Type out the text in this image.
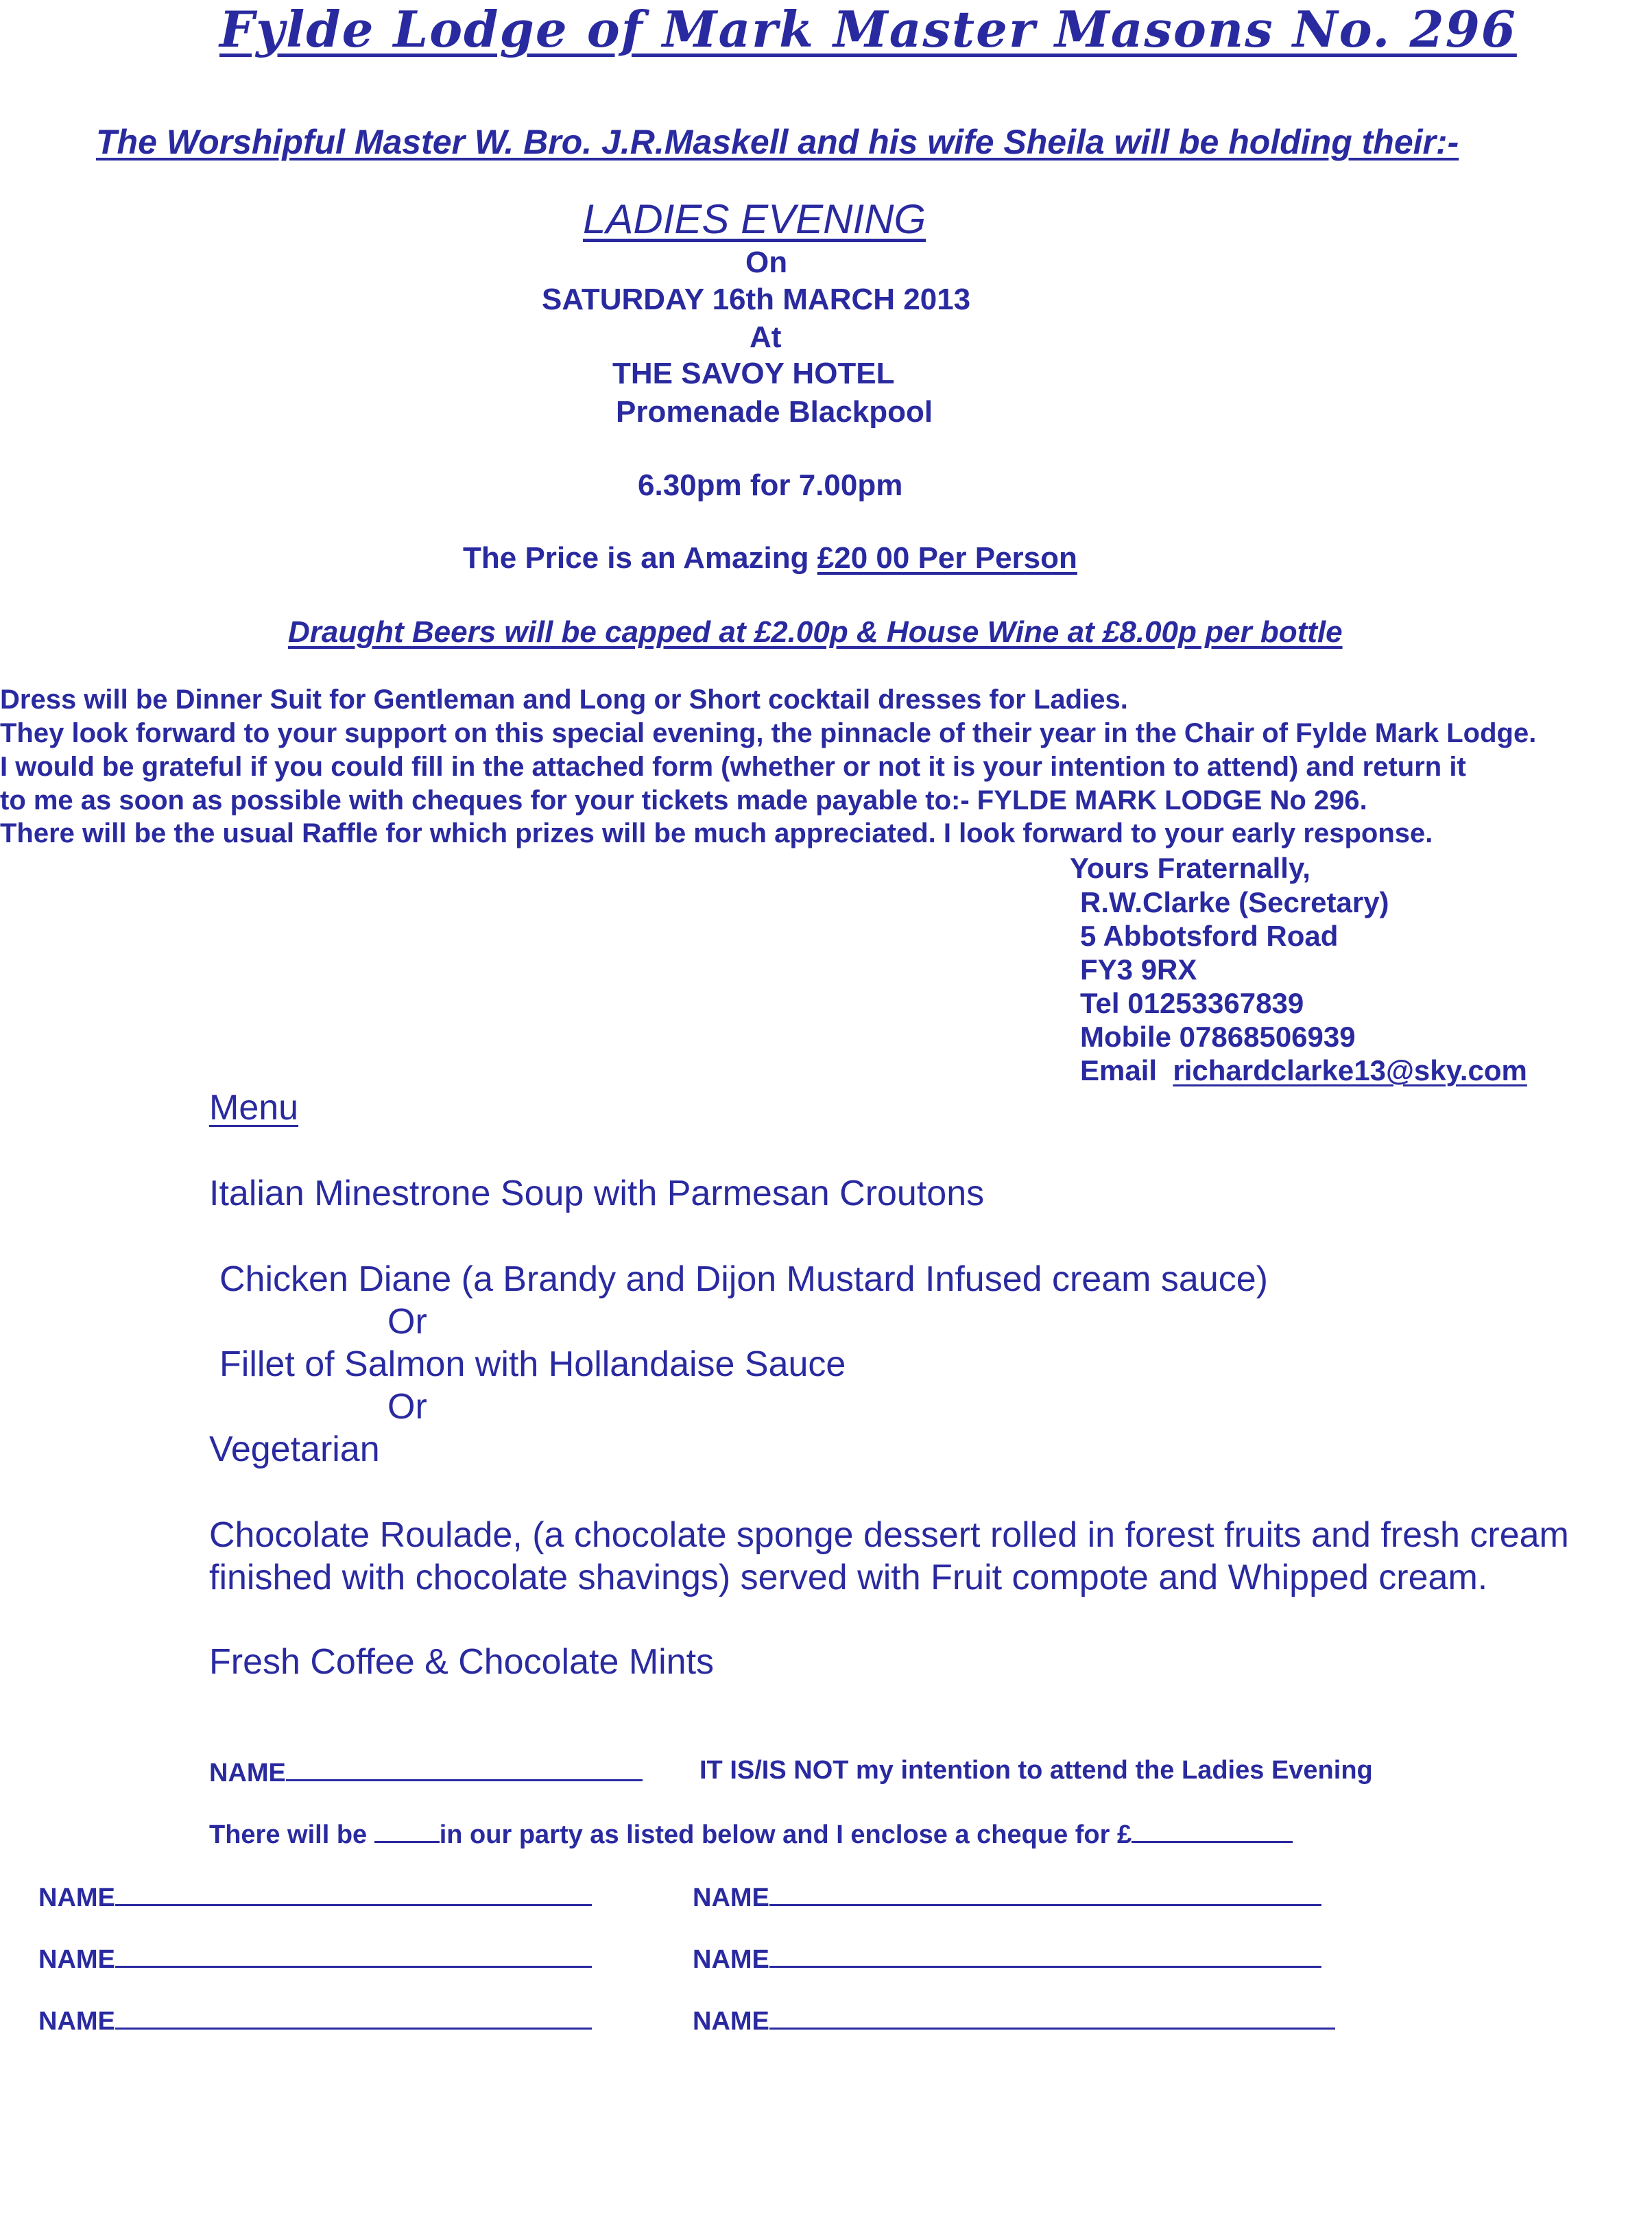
Fylde Lodge of Mark Master Masons No. 296
The Worshipful Master W. Bro. J.R.Maskell and his wife Sheila will be holding their:-
LADIES EVENING
On
SATURDAY 16th MARCH 2013
At
THE SAVOY HOTEL
Promenade Blackpool
6.30pm for 7.00pm
The Price is an Amazing £20 00 Per Person
Draught Beers will be capped at £2.00p & House Wine at £8.00p per bottle
Dress will be Dinner Suit for Gentleman and Long or Short cocktail dresses for Ladies.
They look forward to your support on this special evening, the pinnacle of their year in the Chair of Fylde Mark Lodge.
I would be grateful if you could fill in the attached form (whether or not it is your intention to attend) and return it
to me as soon as possible with cheques for your tickets made payable to:- FYLDE MARK LODGE No 296.
There will be the usual Raffle for which prizes will be much appreciated. I look forward to your early response.
Yours Fraternally,
R.W.Clarke (Secretary)
5 Abbotsford Road
FY3 9RX
Tel 01253367839
Mobile 07868506939
Email richardclarke13@sky.com
Menu
Italian Minestrone Soup with Parmesan Croutons
Chicken Diane (a Brandy and Dijon Mustard Infused cream sauce)
Or
Fillet of Salmon with Hollandaise Sauce
Or
Vegetarian
Chocolate Roulade, (a chocolate sponge dessert rolled in forest fruits and fresh cream
finished with chocolate shavings) served with Fruit compote and Whipped cream.
Fresh Coffee & Chocolate Mints
NAME	IT IS/IS NOT my intention to attend the Ladies Evening
There will be	in our party as listed below and I enclose a cheque for £
NAME	NAME
NAME	NAME
NAME	NAME
